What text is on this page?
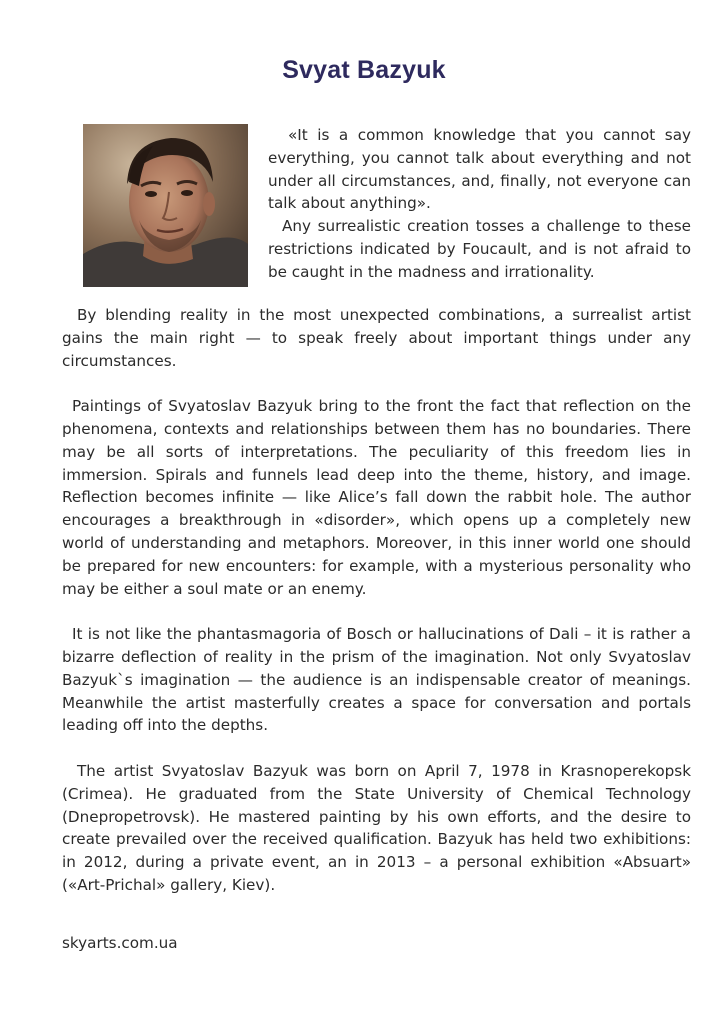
Svyat Bazyuk

«It is a common knowledge that you cannot say everything, you cannot talk about everything and not under all circumstances, and, finally, not everyone can talk about anything».

Any surrealistic creation tosses a challenge to these restrictions indicated by Foucault, and is not afraid to be caught in the madness and irrationality.

By blending reality in the most unexpected combinations, a surrealist artist gains the main right — to speak freely about important things under any circumstances.

Paintings of Svyatoslav Bazyuk bring to the front the fact that reflection on the phenomena, contexts and relationships between them has no boundaries. There may be all sorts of interpretations. The peculiarity of this freedom lies in immersion. Spirals and funnels lead deep into the theme, history, and image. Reflection becomes infinite — like Alice’s fall down the rabbit hole. The author encourages a breakthrough in «disorder», which opens up a completely new world of understanding and metaphors. Moreover, in this inner world one should be prepared for new encounters: for example, with a mysterious personality who may be either a soul mate or an enemy.

It is not like the phantasmagoria of Bosch or hallucinations of Dali – it is rather a bizarre deflection of reality in the prism of the imagination. Not only Svyatoslav Bazyuk`s imagination — the audience is an indispensable creator of meanings. Meanwhile the artist masterfully creates a space for conversation and portals leading off into the depths.

The artist Svyatoslav Bazyuk was born on April 7, 1978 in Krasnoperekopsk (Crimea). He graduated from the State University of Chemical Technology (Dnepropetrovsk). He mastered painting by his own efforts, and the desire to create prevailed over the received qualification. Bazyuk has held two exhibitions: in 2012, during a private event, an in 2013 – a personal exhibition «Absuart» («Art-Prichal» gallery, Kiev).

skyarts.com.ua
